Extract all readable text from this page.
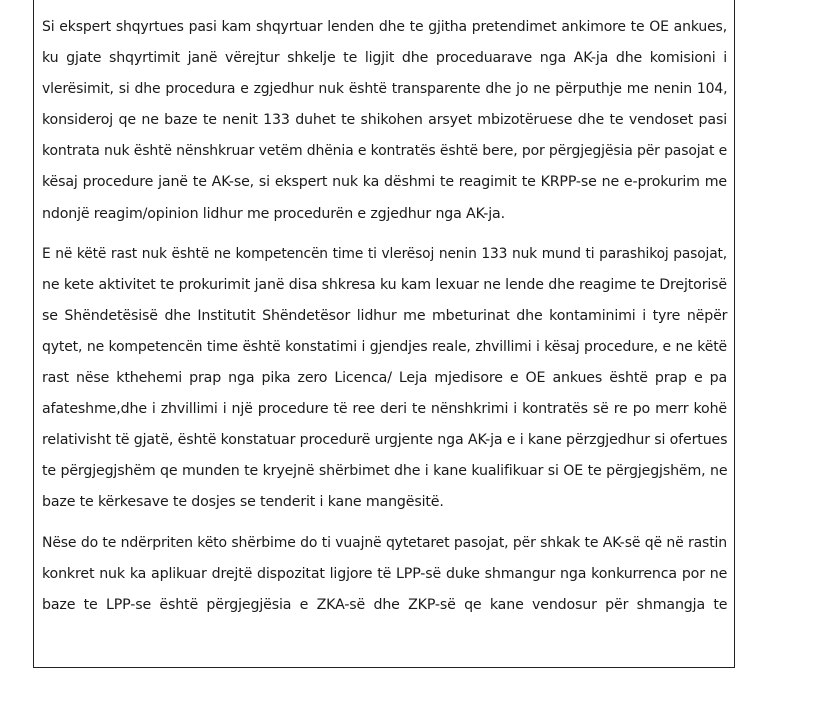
Si ekspert shqyrtues pasi kam shqyrtuar lenden dhe te gjitha pretendimet ankimore te OE ankues,
ku gjate shqyrtimit janë vërejtur shkelje te ligjit dhe proceduaravе nga AK-ja dhe komisioni i
vlerësimit, si dhe procedura e zgjedhur nuk është transparente dhe jo ne përputhje me nenin 104,
konsideroj qe ne baze te nenit 133 duhet te shikohen arsyet mbizotëruese dhe te vendoset pasi
kontrata nuk është nënshkruar vetëm dhënia e kontratës është bere, por përgjegjësia për pasojat e
kësaj procedure janë te AK-se, si ekspert nuk ka dëshmi te reagimit te KRPP-se ne e-prokurim me
ndonjë reagim/opinion lidhur me procedurën e zgjedhur nga AK-ja.

E në këtë rast nuk është ne kompetencën time ti vlerësoj nenin 133 nuk mund ti parashikoj pasojat,
ne kete aktivitet te prokurimit janë disa shkresa ku kam lexuar ne lende dhe reagime te Drejtorisë
se Shëndetësisë dhe Institutit Shëndetësor lidhur me mbeturinat dhe kontaminimi i tyre nëpër
qytet, ne kompetencën time është konstatimi i gjendjes reale, zhvillimi i kësaj procedure, e ne këtë
rast nëse kthehemi prap nga pika zero Licenca/ Leja mjedisore e OE ankues është prap e pa
afateshme,dhe i zhvillimi i një procedure të ree deri te nënshkrimi i kontratës së re po merr kohë
relativisht të gjatë, është konstatuar procedurë urgjente nga AK-ja e i kane përzgjedhur si ofertues
te përgjegjshëm qe munden te kryejnë shërbimet dhe i kane kualifikuar si OE te përgjegjshëm, ne
baze te kërkesave te dosjes se tenderit i kane mangësitë.

Nëse do te ndërpriten këto shërbime do ti vuajnë qytetaret pasojat, për shkak te AK-së që në rastin
konkret nuk ka aplikuar drejtë dispozitat ligjore të LPP-së duke shmangur nga konkurrenca por ne
baze te LPP-se është përgjegjësia e ZKA-së dhe ZKP-së qe kane vendosur për shmangja te
